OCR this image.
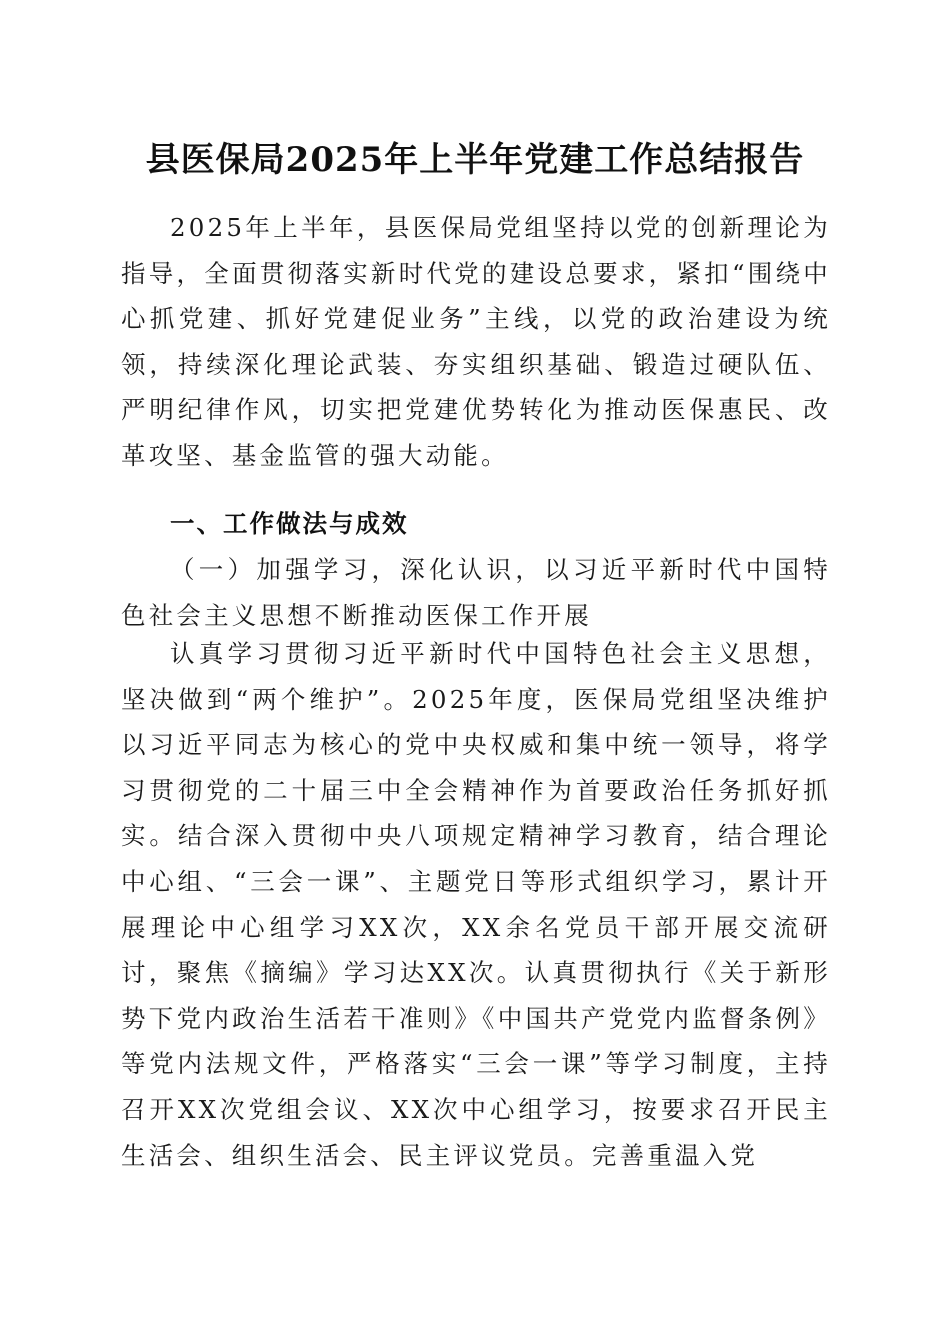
县医保局2025年上半年党建工作总结报告

2025年上半年，县医保局党组坚持以党的创新理论为指导，全面贯彻落实新时代党的建设总要求，紧扣“围绕中心抓党建、抓好党建促业务”主线，以党的政治建设为统领，持续深化理论武装、夯实组织基础、锻造过硬队伍、严明纪律作风，切实把党建优势转化为推动医保惠民、改革攻坚、基金监管的强大动能。

一、工作做法与成效

（一）加强学习，深化认识，以习近平新时代中国特色社会主义思想不断推动医保工作开展

认真学习贯彻习近平新时代中国特色社会主义思想，坚决做到“两个维护”。2025年度，医保局党组坚决维护以习近平同志为核心的党中央权威和集中统一领导，将学习贯彻党的二十届三中全会精神作为首要政治任务抓好抓实。结合深入贯彻中央八项规定精神学习教育，结合理论中心组、“三会一课”、主题党日等形式组织学习，累计开展理论中心组学习XX次，XX余名党员干部开展交流研讨，聚焦《摘编》学习达XX次。认真贯彻执行《关于新形势下党内政治生活若干准则》《中国共产党党内监督条例》等党内法规文件，严格落实“三会一课”等学习制度，主持召开XX次党组会议、XX次中心组学习，按要求召开民主生活会、组织生活会、民主评议党员。完善重温入党
